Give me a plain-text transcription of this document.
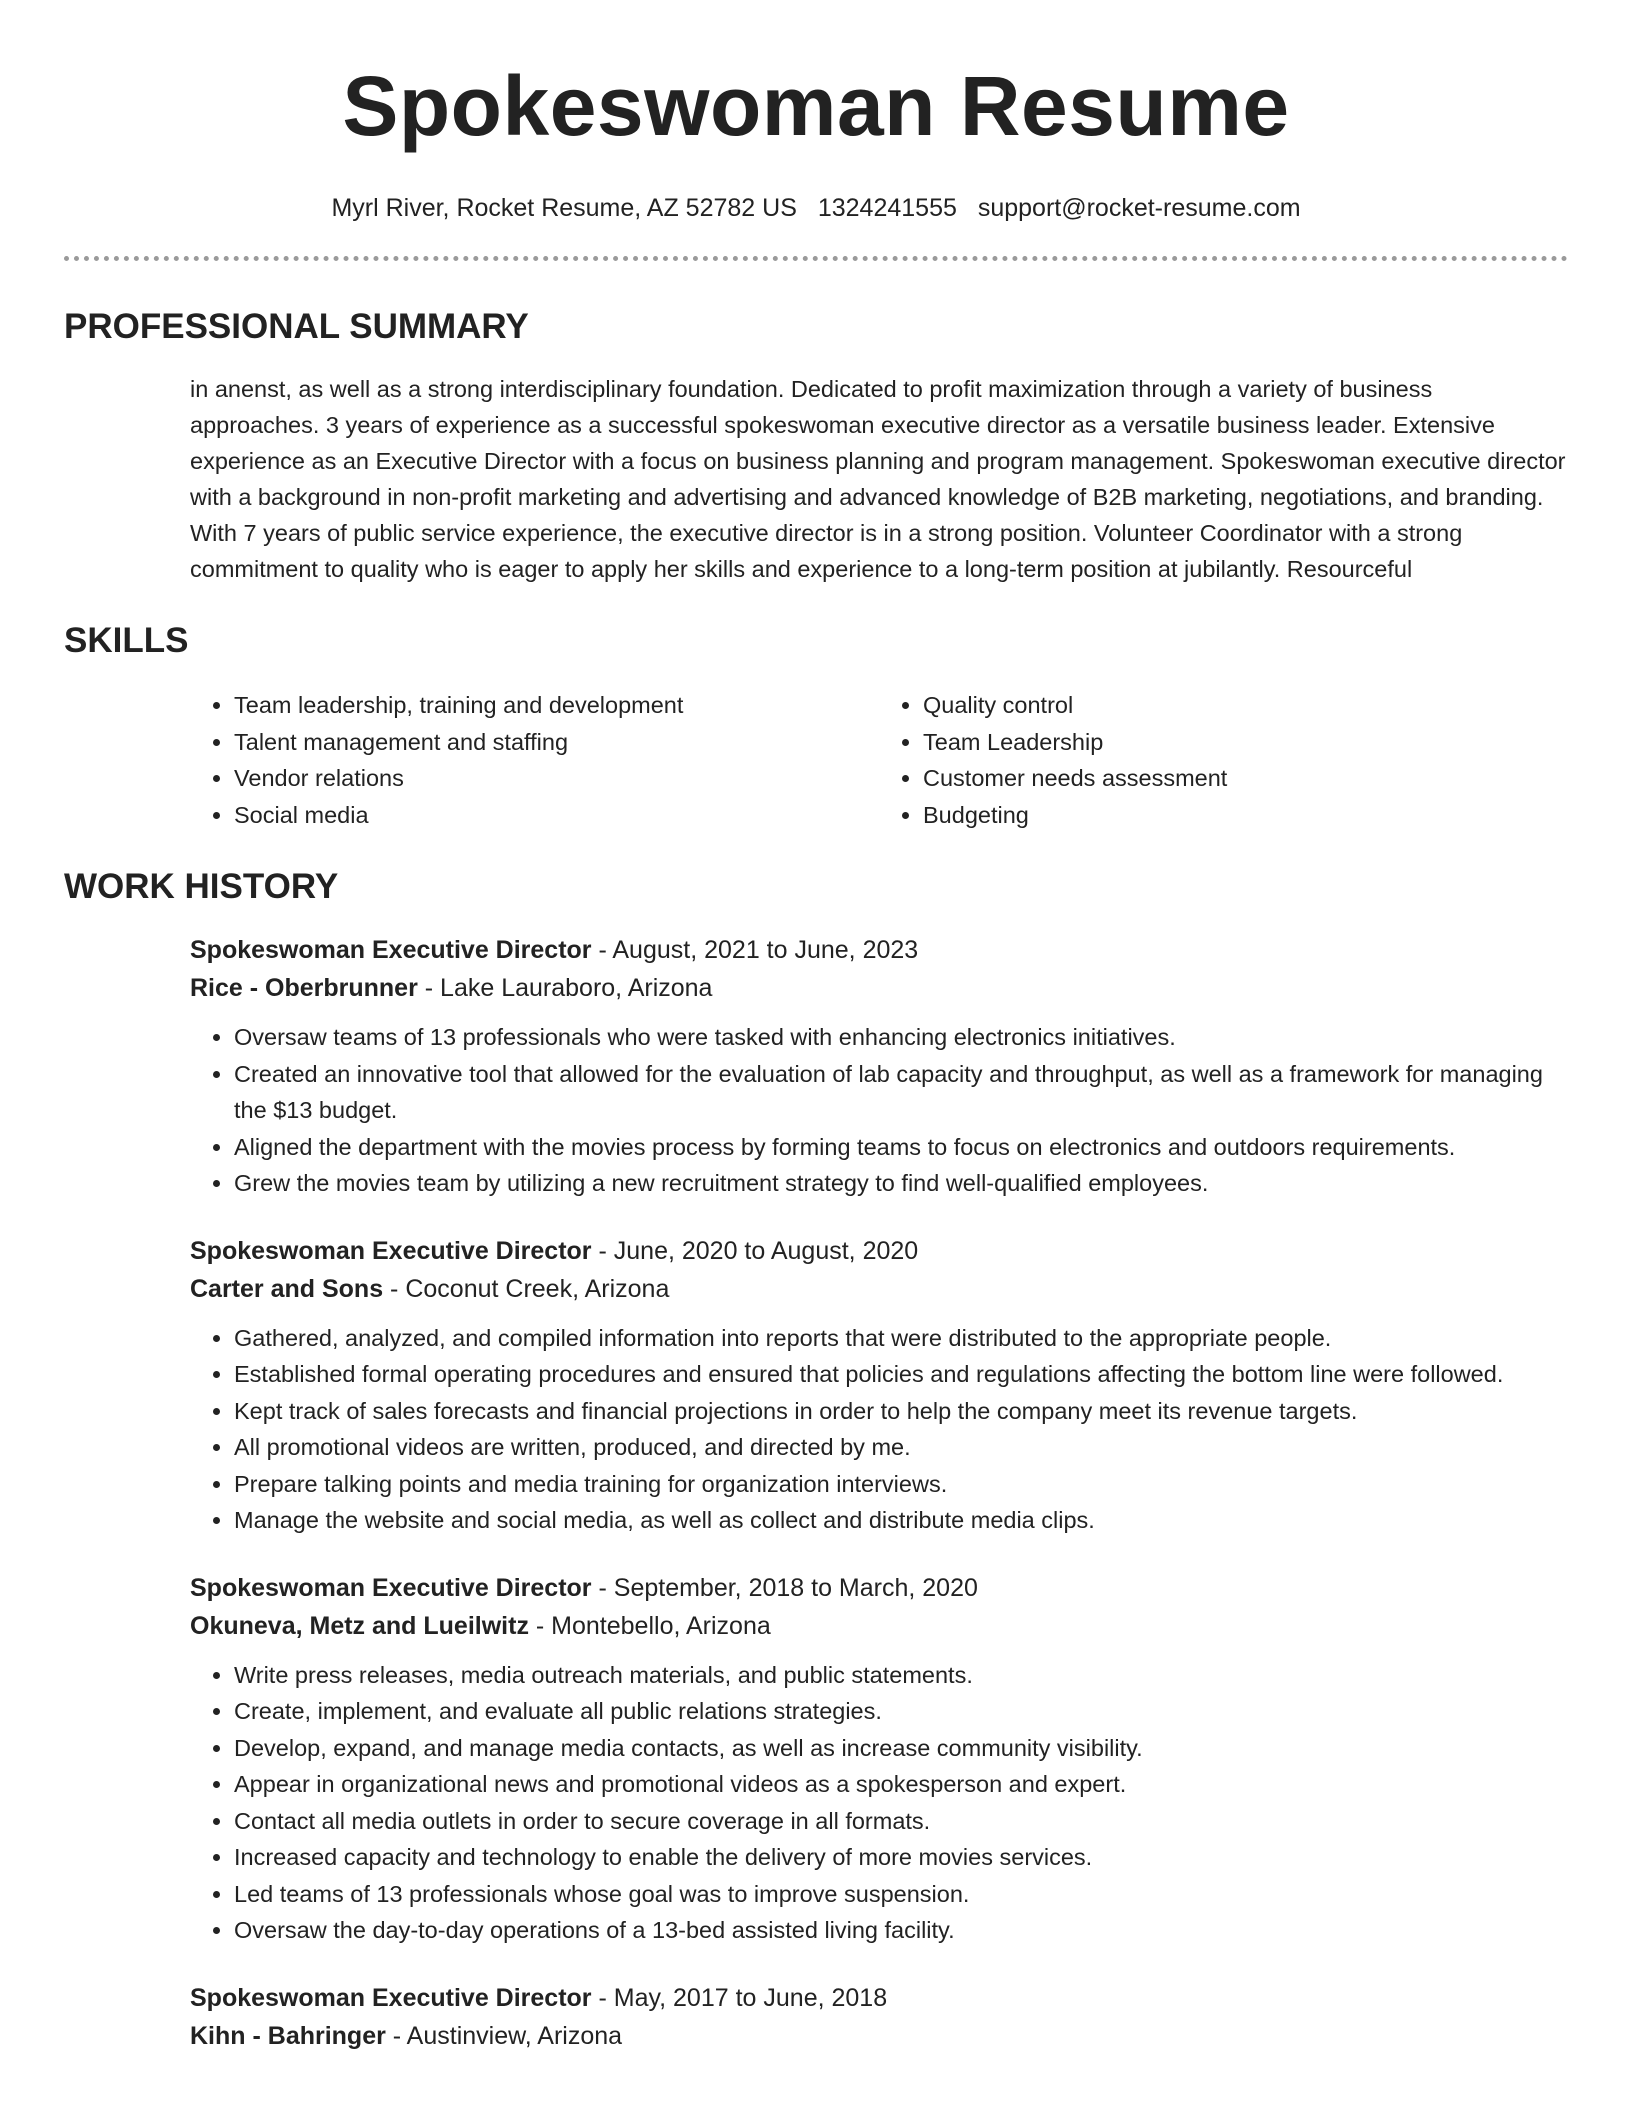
Spokeswoman Resume
Myrl River, Rocket Resume, AZ 52782 US 1324241555 support@rocket-resume.com
PROFESSIONAL SUMMARY

in anenst, as well as a strong interdisciplinary foundation. Dedicated to profit maximization through a variety of business approaches. 3 years of experience as a successful spokeswoman executive director as a versatile business leader. Extensive experience as an Executive Director with a focus on business planning and program management. Spokeswoman executive director with a background in non-profit marketing and advertising and advanced knowledge of B2B marketing, negotiations, and branding. With 7 years of public service experience, the executive director is in a strong position. Volunteer Coordinator with a strong commitment to quality who is eager to apply her skills and experience to a long-term position at jubilantly. Resourceful

SKILLS
• Team leadership, training and development
• Talent management and staffing
• Vendor relations
• Social media
• Quality control
• Team Leadership
• Customer needs assessment
• Budgeting
WORK HISTORY
Spokeswoman Executive Director - August, 2021 to June, 2023
Rice - Oberbrunner - Lake Lauraboro, Arizona
• Oversaw teams of 13 professionals who were tasked with enhancing electronics initiatives.
• Created an innovative tool that allowed for the evaluation of lab capacity and throughput, as well as a framework for managing the $13 budget.
• Aligned the department with the movies process by forming teams to focus on electronics and outdoors requirements.
• Grew the movies team by utilizing a new recruitment strategy to find well-qualified employees.
Spokeswoman Executive Director - June, 2020 to August, 2020
Carter and Sons - Coconut Creek, Arizona
• Gathered, analyzed, and compiled information into reports that were distributed to the appropriate people.
• Established formal operating procedures and ensured that policies and regulations affecting the bottom line were followed.
• Kept track of sales forecasts and financial projections in order to help the company meet its revenue targets.
• All promotional videos are written, produced, and directed by me.
• Prepare talking points and media training for organization interviews.
• Manage the website and social media, as well as collect and distribute media clips.
Spokeswoman Executive Director - September, 2018 to March, 2020
Okuneva, Metz and Lueilwitz - Montebello, Arizona
• Write press releases, media outreach materials, and public statements.
• Create, implement, and evaluate all public relations strategies.
• Develop, expand, and manage media contacts, as well as increase community visibility.
• Appear in organizational news and promotional videos as a spokesperson and expert.
• Contact all media outlets in order to secure coverage in all formats.
• Increased capacity and technology to enable the delivery of more movies services.
• Led teams of 13 professionals whose goal was to improve suspension.
• Oversaw the day-to-day operations of a 13-bed assisted living facility.
Spokeswoman Executive Director - May, 2017 to June, 2018
Kihn - Bahringer - Austinview, Arizona
